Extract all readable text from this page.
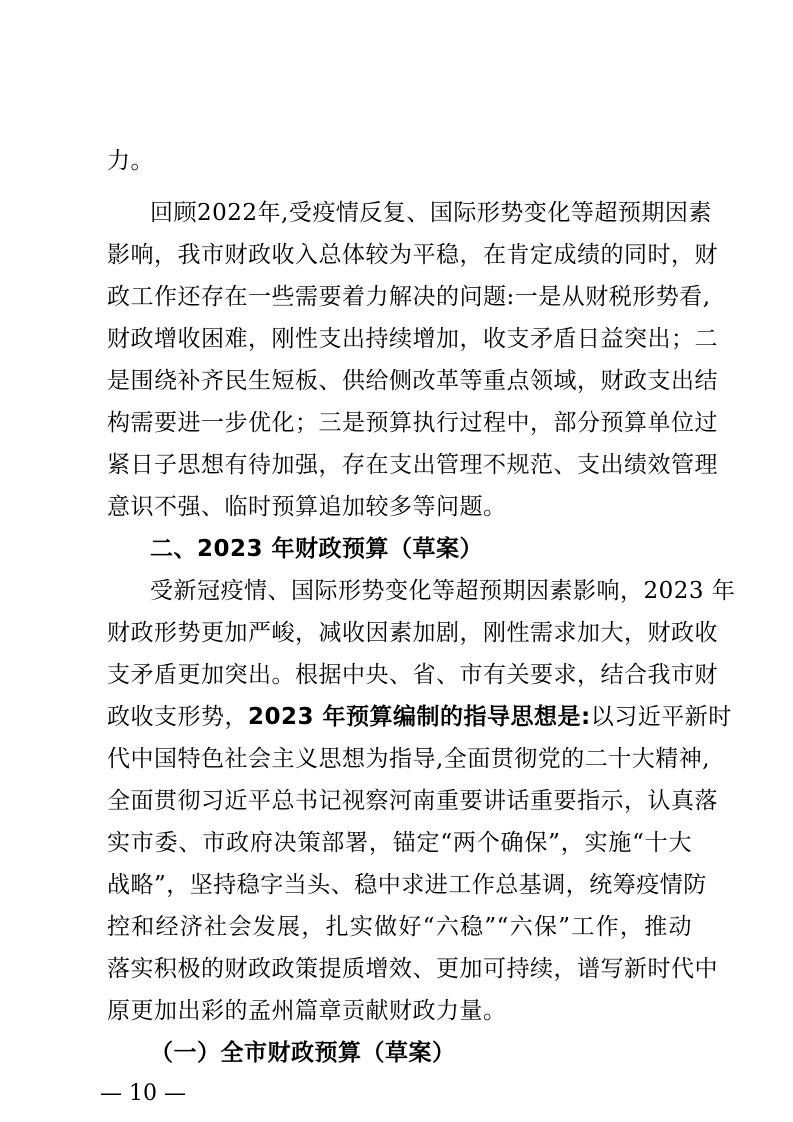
力。
回顾2022年,受疫情反复、国际形势变化等超预期因素
影响，我市财政收入总体较为平稳，在肯定成绩的同时，财
政工作还存在一些需要着力解决的问题:一是从财税形势看,
财政增收困难，刚性支出持续增加，收支矛盾日益突出；二
是围绕补齐民生短板、供给侧改革等重点领域，财政支出结
构需要进一步优化；三是预算执行过程中，部分预算单位过
紧日子思想有待加强，存在支出管理不规范、支出绩效管理
意识不强、临时预算追加较多等问题。
二、2023 年财政预算（草案）
受新冠疫情、国际形势变化等超预期因素影响，2023 年
财政形势更加严峻，减收因素加剧，刚性需求加大，财政收
支矛盾更加突出。根据中央、省、市有关要求，结合我市财
政收支形势，2023 年预算编制的指导思想是:以习近平新时
代中国特色社会主义思想为指导,全面贯彻党的二十大精神,
全面贯彻习近平总书记视察河南重要讲话重要指示，认真落
实市委、市政府决策部署，锚定“两个确保”，实施“十大
战略”，坚持稳字当头、稳中求进工作总基调，统筹疫情防
控和经济社会发展，扎实做好“六稳”“六保”工作，推动
落实积极的财政政策提质增效、更加可持续，谱写新时代中
原更加出彩的孟州篇章贡献财政力量。
（一）全市财政预算（草案）
— 10 —
